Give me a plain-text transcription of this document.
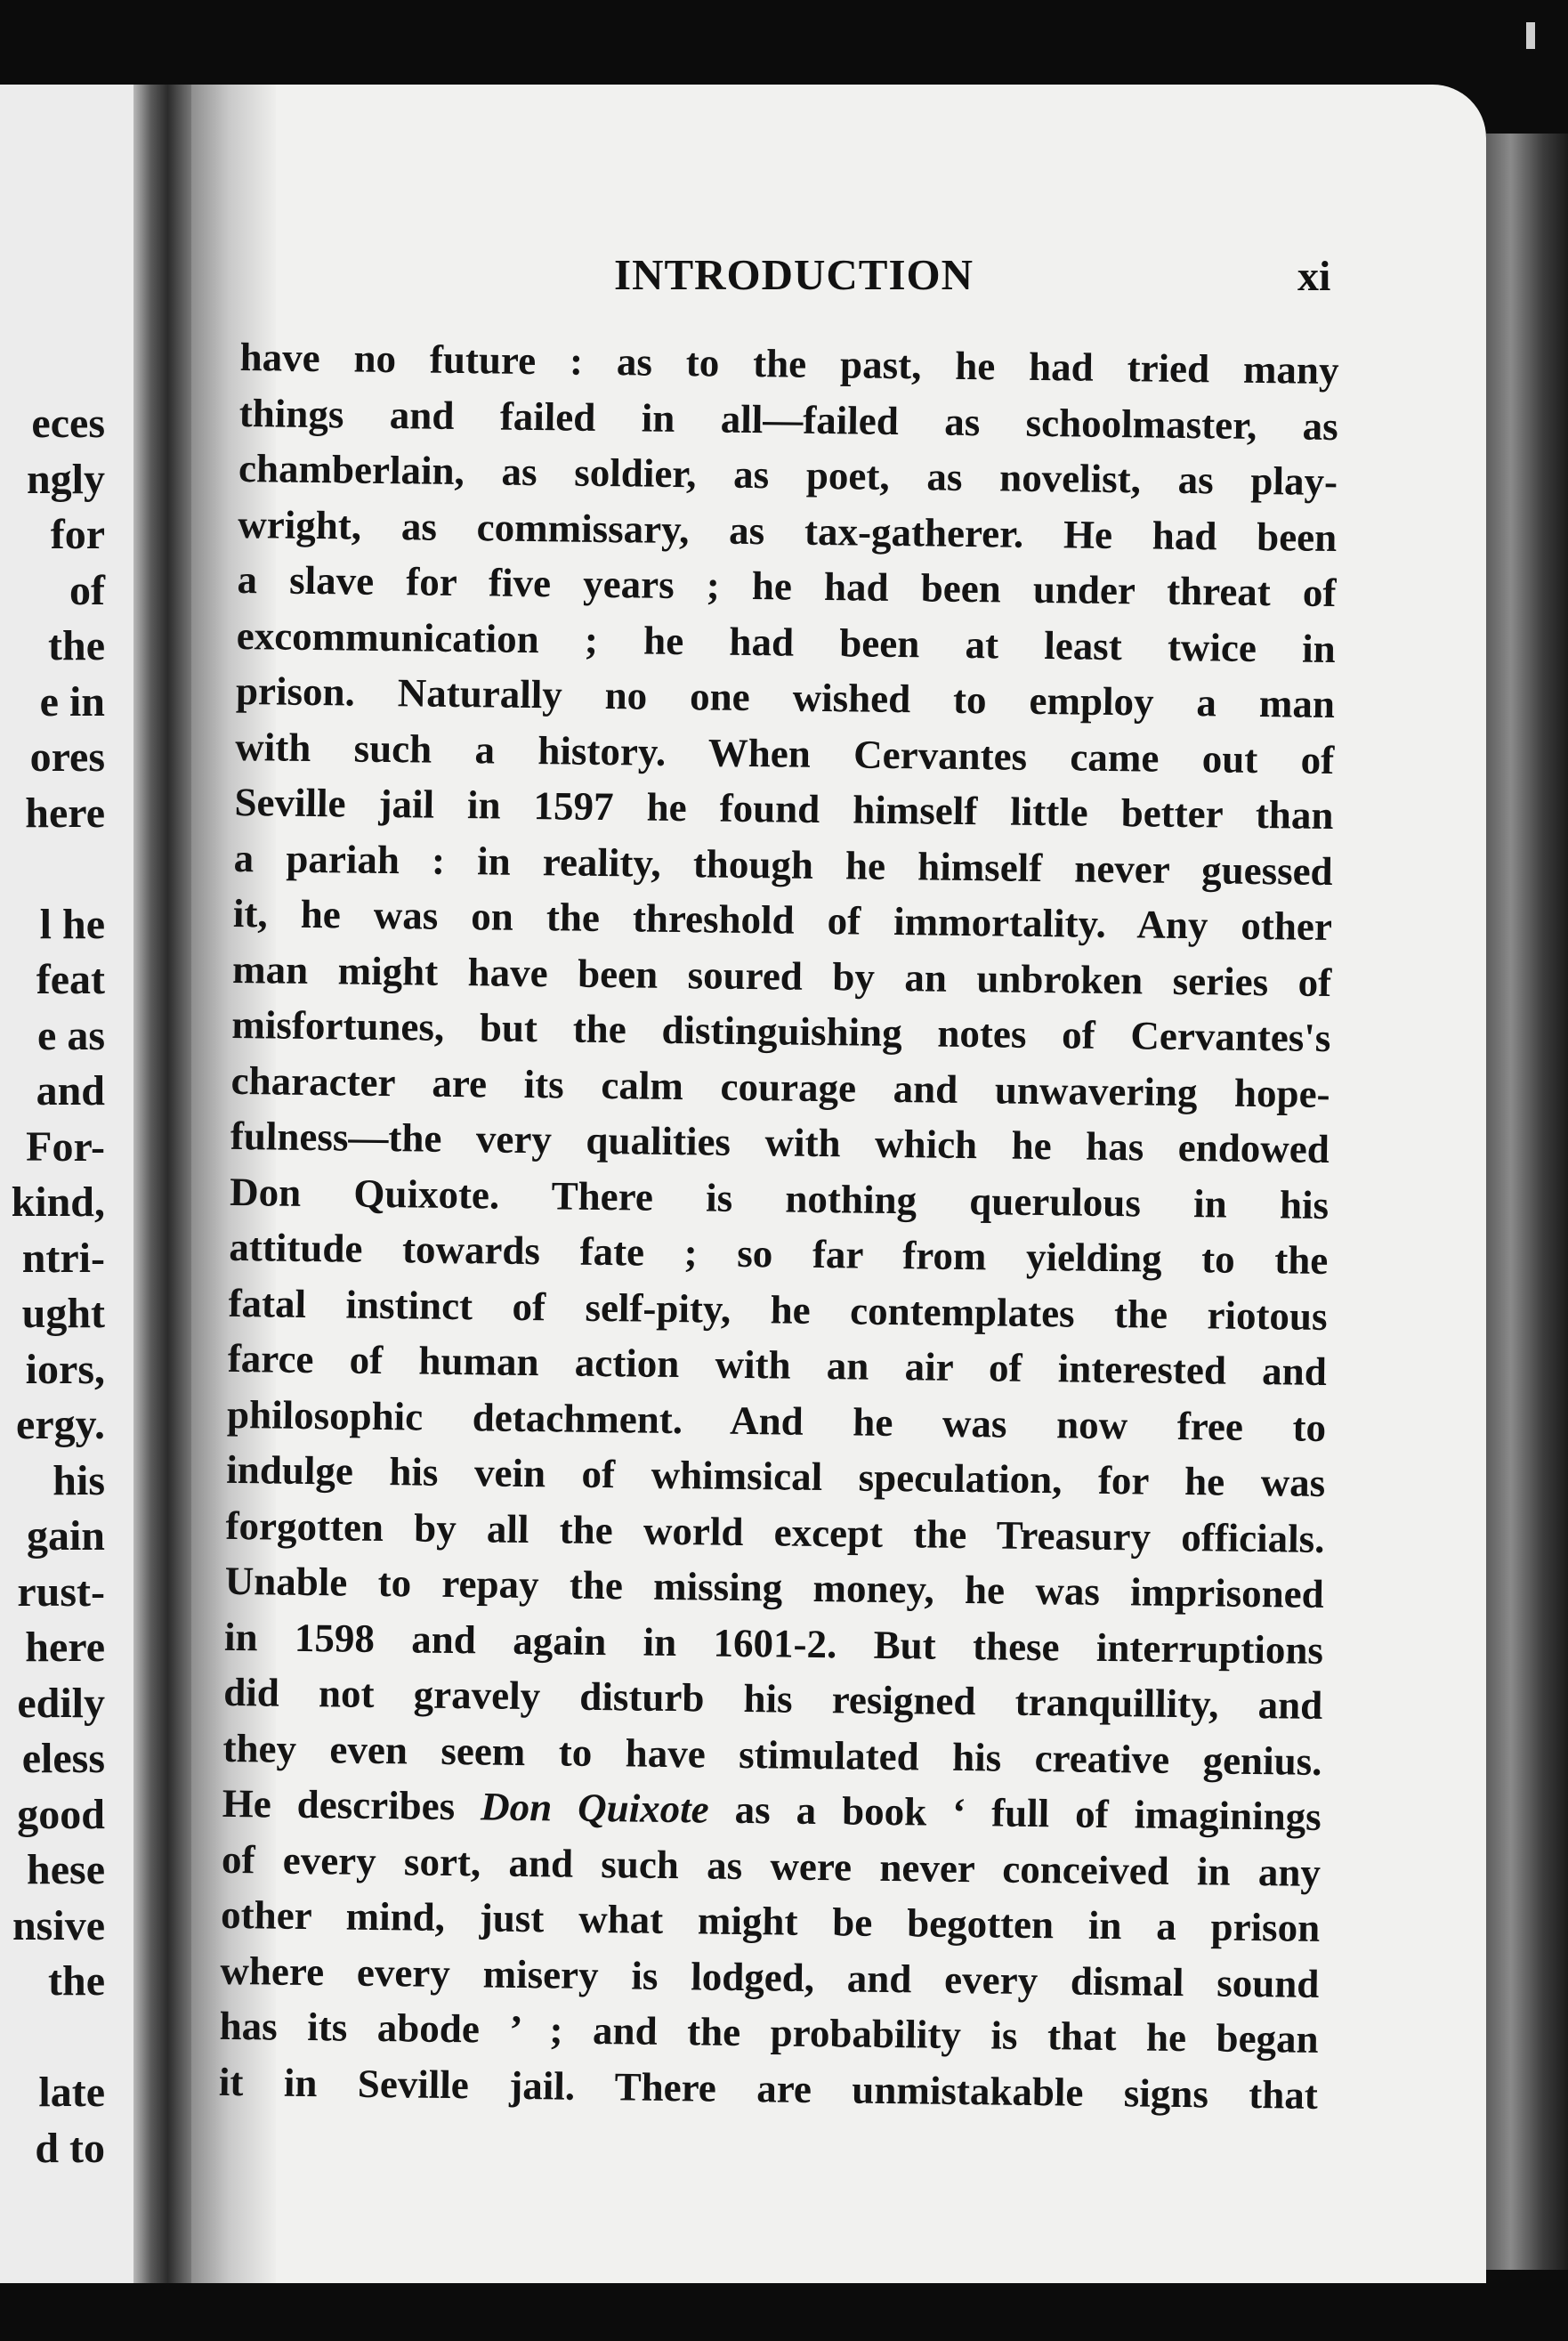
eces
ngly
for
of
the
e in
ores
here
l he
feat
e as
and
For-
kind,
ntri-
ught
iors,
ergy.
his
gain
rust-
here
edily
eless
good
hese
nsive
the
late
d to
INTRODUCTION	xi
have no future : as to the past, he had tried many
things and failed in all—failed as schoolmaster, as
chamberlain, as soldier, as poet, as novelist, as play-
wright, as commissary, as tax-gatherer. He had been
a slave for five years ; he had been under threat of
excommunication ; he had been at least twice in
prison. Naturally no one wished to employ a man
with such a history. When Cervantes came out of
Seville jail in 1597 he found himself little better than
a pariah : in reality, though he himself never guessed
it, he was on the threshold of immortality. Any other
man might have been soured by an unbroken series of
misfortunes, but the distinguishing notes of Cervantes's
character are its calm courage and unwavering hope-
fulness—the very qualities with which he has endowed
Don Quixote. There is nothing querulous in his
attitude towards fate ; so far from yielding to the
fatal instinct of self-pity, he contemplates the riotous
farce of human action with an air of interested and
philosophic detachment. And he was now free to
indulge his vein of whimsical speculation, for he was
forgotten by all the world except the Treasury officials.
Unable to repay the missing money, he was imprisoned
in 1598 and again in 1601-2. But these interruptions
did not gravely disturb his resigned tranquillity, and
they even seem to have stimulated his creative genius.
He describes Don Quixote as a book ‘ full of imaginings
of every sort, and such as were never conceived in any
other mind, just what might be begotten in a prison
where every misery is lodged, and every dismal sound
has its abode ’ ; and the probability is that he began
it in Seville jail. There are unmistakable signs that
